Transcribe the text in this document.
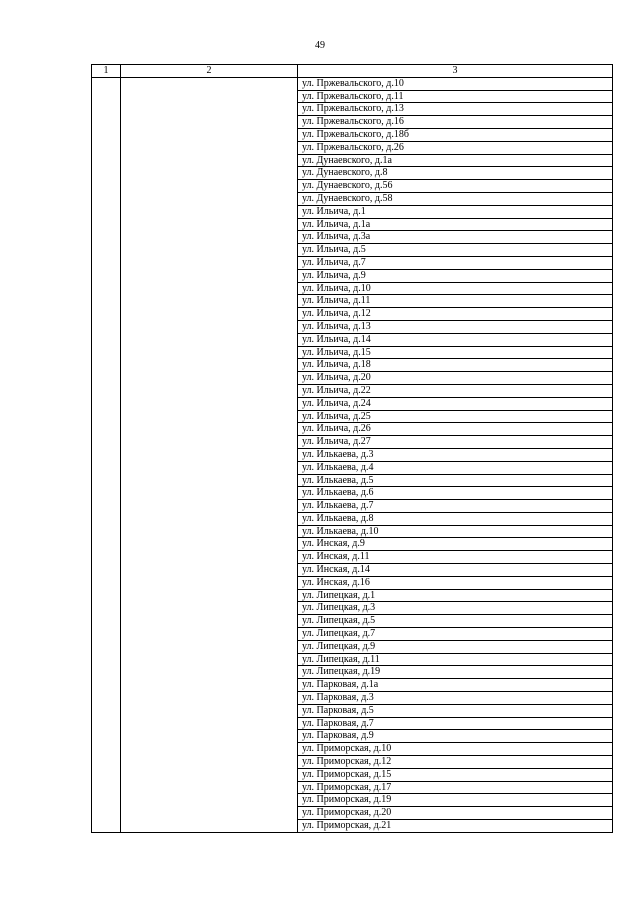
49
1	2	3
		ул. Пржевальского, д.10
		ул. Пржевальского, д.11
		ул. Пржевальского, д.13
		ул. Пржевальского, д.16
		ул. Пржевальского, д.18б
		ул. Пржевальского, д.26
		ул. Дунаевского, д.1а
		ул. Дунаевского, д.8
		ул. Дунаевского, д.56
		ул. Дунаевского, д.58
		ул. Ильича, д.1
		ул. Ильича, д.1а
		ул. Ильича, д.3а
		ул. Ильича, д.5
		ул. Ильича, д.7
		ул. Ильича, д.9
		ул. Ильича, д.10
		ул. Ильича, д.11
		ул. Ильича, д.12
		ул. Ильича, д.13
		ул. Ильича, д.14
		ул. Ильича, д.15
		ул. Ильича, д.18
		ул. Ильича, д.20
		ул. Ильича, д.22
		ул. Ильича, д.24
		ул. Ильича, д.25
		ул. Ильича, д.26
		ул. Ильича, д.27
		ул. Илькаева, д.3
		ул. Илькаева, д.4
		ул. Илькаева, д.5
		ул. Илькаева, д.6
		ул. Илькаева, д.7
		ул. Илькаева, д.8
		ул. Илькаева, д.10
		ул. Инская, д.9
		ул. Инская, д.11
		ул. Инская, д.14
		ул. Инская, д.16
		ул. Липецкая, д.1
		ул. Липецкая, д.3
		ул. Липецкая, д.5
		ул. Липецкая, д.7
		ул. Липецкая, д.9
		ул. Липецкая, д.11
		ул. Липецкая, д.19
		ул. Парковая, д.1а
		ул. Парковая, д.3
		ул. Парковая, д.5
		ул. Парковая, д.7
		ул. Парковая, д.9
		ул. Приморская, д.10
		ул. Приморская, д.12
		ул. Приморская, д.15
		ул. Приморская, д.17
		ул. Приморская, д.19
		ул. Приморская, д.20
		ул. Приморская, д.21
